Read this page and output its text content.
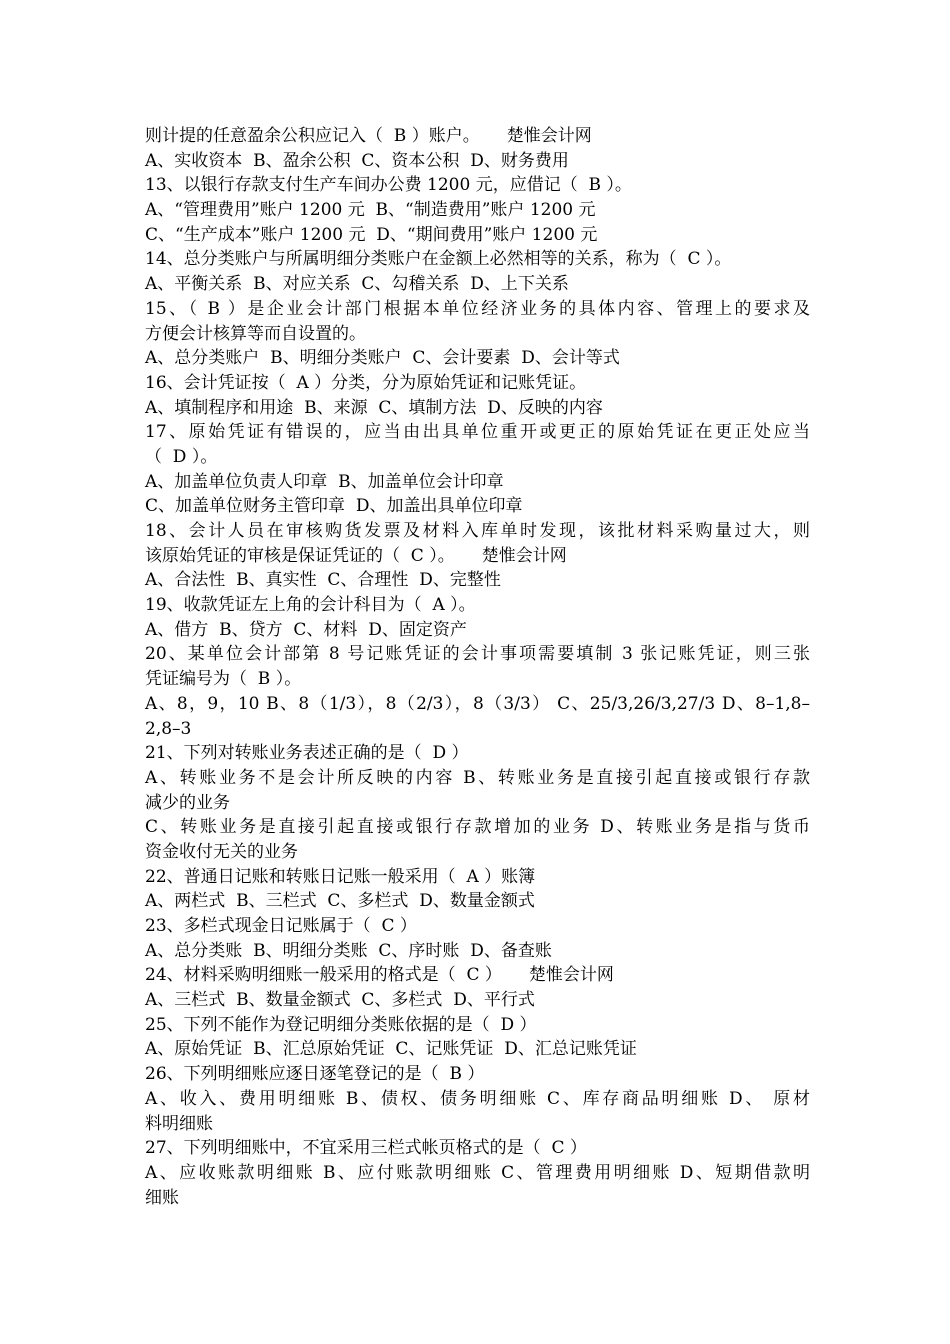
则计提的任意盈余公积应记入（  B ）账户。     楚惟会计网
A、实收资本  B、盈余公积  C、资本公积  D、财务费用
13、以银行存款支付生产车间办公费 1200 元，应借记（  B ）。
A、“管理费用”账户 1200 元  B、“制造费用”账户 1200 元
C、“生产成本”账户 1200 元  D、“期间费用”账户 1200 元
14、总分类账户与所属明细分类账户在金额上必然相等的关系，称为（  C ）。
A、平衡关系  B、对应关系  C、勾稽关系  D、上下关系
15、（ B ）是企业会计部门根据本单位经济业务的具体内容、管理上的要求及
方便会计核算等而自设置的。
A、总分类账户  B、明细分类账户  C、会计要素  D、会计等式
16、会计凭证按（  A ）分类，分为原始凭证和记账凭证。
A、填制程序和用途  B、来源  C、填制方法  D、反映的内容
17、原始凭证有错误的，应当由出具单位重开或更正的原始凭证在更正处应当
（  D ）。
A、加盖单位负责人印章  B、加盖单位会计印章
C、加盖单位财务主管印章  D、加盖出具单位印章
18、会计人员在审核购货发票及材料入库单时发现，该批材料采购量过大，则
该原始凭证的审核是保证凭证的（  C ）。     楚惟会计网
A、合法性  B、真实性  C、合理性  D、完整性
19、收款凭证左上角的会计科目为（  A ）。
A、借方  B、贷方  C、材料  D、固定资产
20、某单位会计部第 8 号记账凭证的会计事项需要填制 3 张记账凭证，则三张
凭证编号为（  B ）。
A、8，9，10 B、8（1/3），8（2/3），8（3/3） C、25/3,26/3,27/3 D、8–1,8–
2,8–3
21、下列对转账业务表述正确的是（  D ）
A、转账业务不是会计所反映的内容 B、转账业务是直接引起直接或银行存款
减少的业务
C、转账业务是直接引起直接或银行存款增加的业务 D、转账业务是指与货币
资金收付无关的业务
22、普通日记账和转账日记账一般采用（  A ）账簿
A、两栏式  B、三栏式  C、多栏式  D、数量金额式
23、多栏式现金日记账属于（  C ）
A、总分类账  B、明细分类账  C、序时账  D、备查账
24、材料采购明细账一般采用的格式是（  C ）     楚惟会计网
A、三栏式  B、数量金额式  C、多栏式  D、平行式
25、下列不能作为登记明细分类账依据的是（  D ）
A、原始凭证  B、汇总原始凭证  C、记账凭证  D、汇总记账凭证
26、下列明细账应逐日逐笔登记的是（  B ）
A、收入、费用明细账 B、债权、债务明细账 C、库存商品明细账 D、 原材
料明细账
27、下列明细账中，不宜采用三栏式帐页格式的是（  C ）
A、应收账款明细账 B、应付账款明细账 C、管理费用明细账 D、短期借款明
细账
